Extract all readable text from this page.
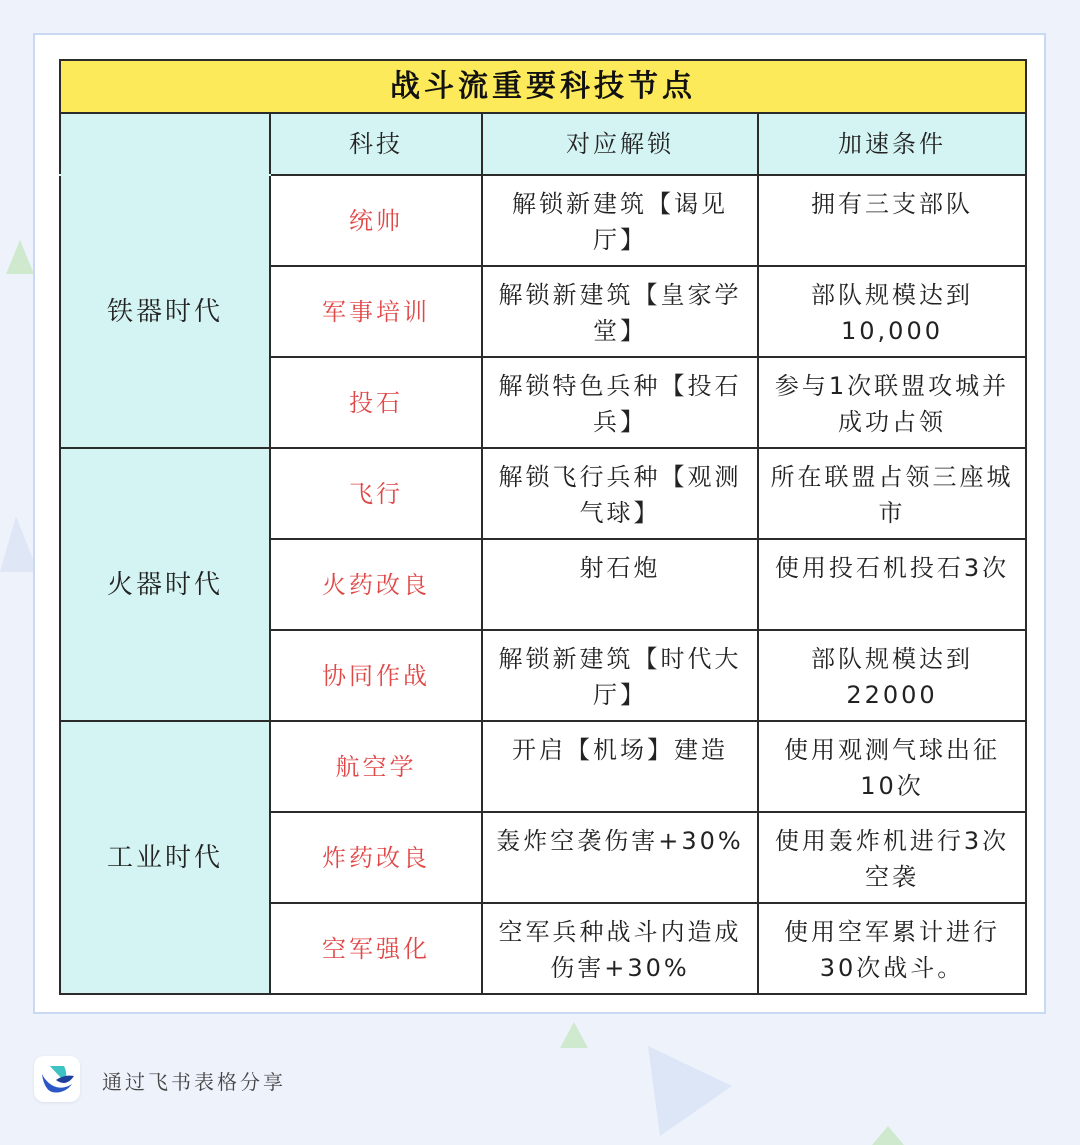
战斗流重要科技节点			
	科技	对应解锁	加速条件
铁器时代	统帅	解锁新建筑【谒见厅】	拥有三支部队
	军事培训	解锁新建筑【皇家学堂】	部队规模达到10,000
	投石	解锁特色兵种【投石兵】	参与1次联盟攻城并成功占领
火器时代	飞行	解锁飞行兵种【观测气球】	所在联盟占领三座城市
	火药改良	射石炮	使用投石机投石3次
	协同作战	解锁新建筑【时代大厅】	部队规模达到22000
工业时代	航空学	开启【机场】建造	使用观测气球出征10次
	炸药改良	轰炸空袭伤害+30%	使用轰炸机进行3次空袭
	空军强化	空军兵种战斗内造成伤害+30%	使用空军累计进行30次战斗。
通过飞书表格分享
